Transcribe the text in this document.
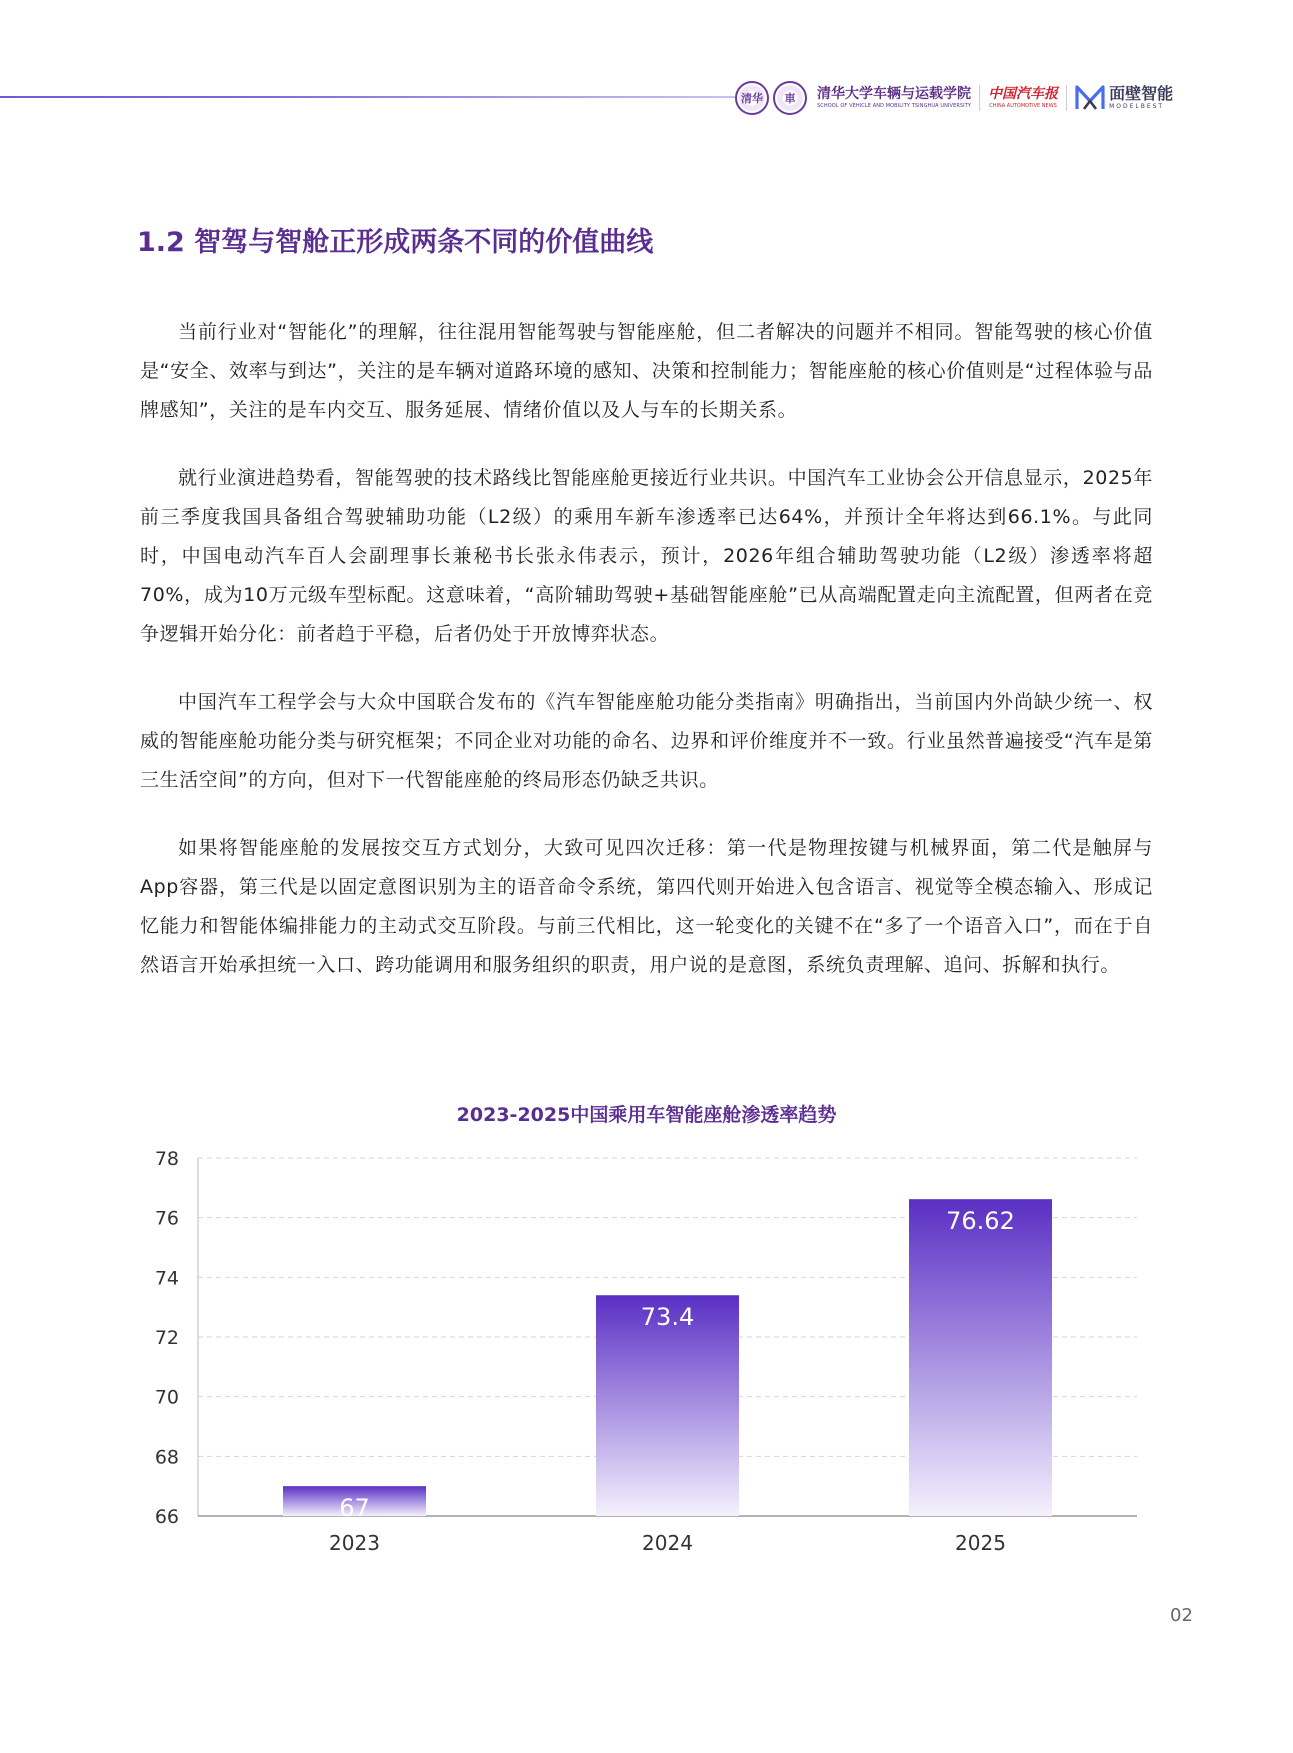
清华	車	清华大学车辆与运载学院
SCHOOL OF VEHICLE AND MOBILITY TSINGHUA UNIVERSITY
中国汽车报
CHINA AUTOMOTIVE NEWS
面壁智能
MODELBEST
1.2 智驾与智舱正形成两条不同的价值曲线

当前行业对“智能化”的理解，往往混用智能驾驶与智能座舱，但二者解决的问题并不相同。智能驾驶的核心价值是“安全、效率与到达”，关注的是车辆对道路环境的感知、决策和控制能力；智能座舱的核心价值则是“过程体验与品牌感知”，关注的是车内交互、服务延展、情绪价值以及人与车的长期关系。

就行业演进趋势看，智能驾驶的技术路线比智能座舱更接近行业共识。中国汽车工业协会公开信息显示，2025年前三季度我国具备组合驾驶辅助功能（L2级）的乘用车新车渗透率已达64%，并预计全年将达到66.1%。与此同时，中国电动汽车百人会副理事长兼秘书长张永伟表示，预计，2026年组合辅助驾驶功能（L2级）渗透率将超70%，成为10万元级车型标配。这意味着，“高阶辅助驾驶+基础智能座舱”已从高端配置走向主流配置，但两者在竞争逻辑开始分化：前者趋于平稳，后者仍处于开放博弈状态。

中国汽车工程学会与大众中国联合发布的《汽车智能座舱功能分类指南》明确指出，当前国内外尚缺少统一、权威的智能座舱功能分类与研究框架；不同企业对功能的命名、边界和评价维度并不一致。行业虽然普遍接受“汽车是第三生活空间”的方向，但对下一代智能座舱的终局形态仍缺乏共识。

如果将智能座舱的发展按交互方式划分，大致可见四次迁移：第一代是物理按键与机械界面，第二代是触屏与App容器，第三代是以固定意图识别为主的语音命令系统，第四代则开始进入包含语言、视觉等全模态输入、形成记忆能力和智能体编排能力的主动式交互阶段。与前三代相比，这一轮变化的关键不在“多了一个语音入口”，而在于自然语言开始承担统一入口、跨功能调用和服务组织的职责，用户说的是意图，系统负责理解、追问、拆解和执行。

2023-2025中国乘用车智能座舱渗透率趋势
66
68
70
72
74
76
78
67
2023
73.4
2024
76.62
2025
02
